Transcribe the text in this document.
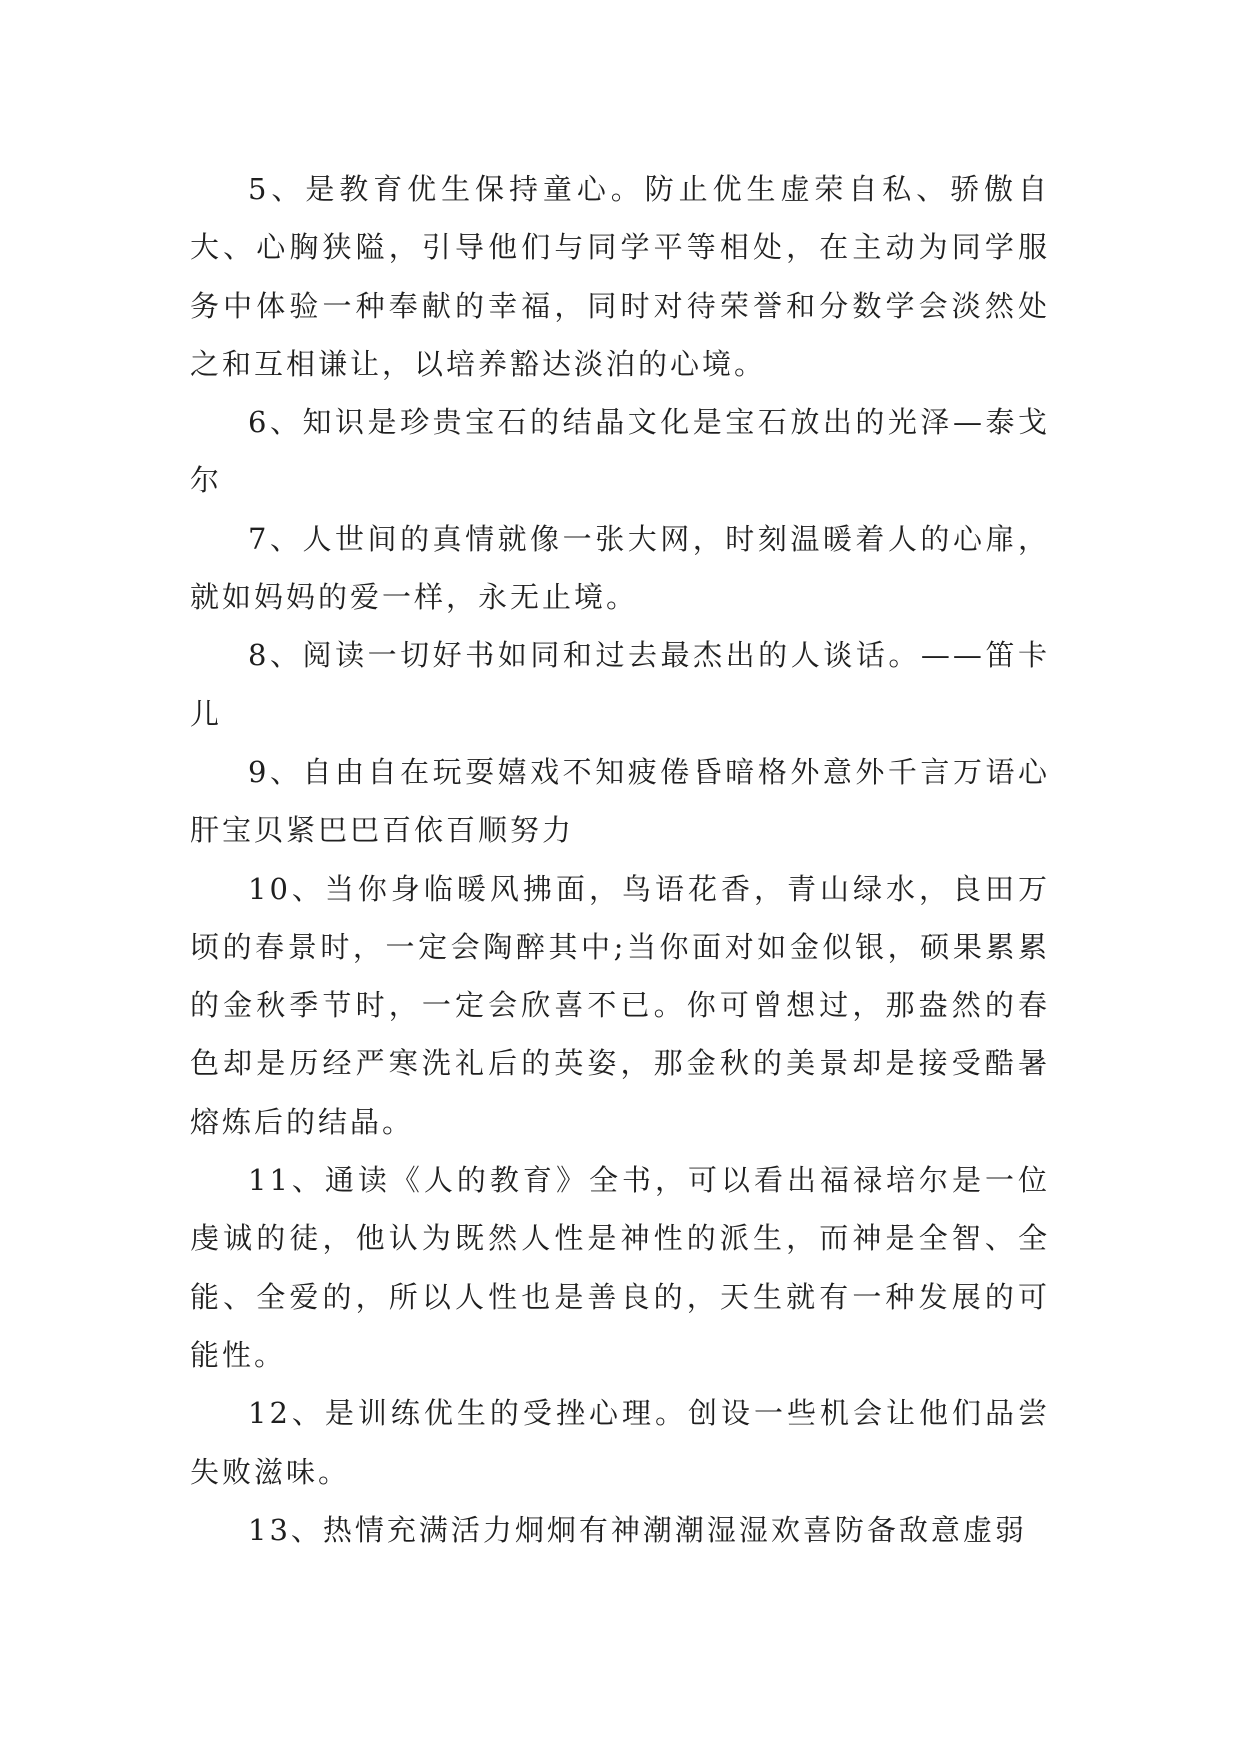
5、是教育优生保持童心。防止优生虚荣自私、骄傲自大、心胸狭隘，引导他们与同学平等相处，在主动为同学服务中体验一种奉献的幸福，同时对待荣誉和分数学会淡然处之和互相谦让，以培养豁达淡泊的心境。

6、知识是珍贵宝石的结晶文化是宝石放出的光泽—泰戈尔

7、人世间的真情就像一张大网，时刻温暖着人的心扉，就如妈妈的爱一样，永无止境。

8、阅读一切好书如同和过去最杰出的人谈话。——笛卡儿

9、自由自在玩耍嬉戏不知疲倦昏暗格外意外千言万语心肝宝贝紧巴巴百依百顺努力

10、当你身临暖风拂面，鸟语花香，青山绿水，良田万顷的春景时，一定会陶醉其中;当你面对如金似银，硕果累累的金秋季节时，一定会欣喜不已。你可曾想过，那盎然的春色却是历经严寒洗礼后的英姿，那金秋的美景却是接受酷暑熔炼后的结晶。

11、通读《人的教育》全书，可以看出福禄培尔是一位虔诚的徒，他认为既然人性是神性的派生，而神是全智、全能、全爱的，所以人性也是善良的，天生就有一种发展的可能性。

12、是训练优生的受挫心理。创设一些机会让他们品尝失败滋味。

13、热情充满活力炯炯有神潮潮湿湿欢喜防备敌意虚弱
